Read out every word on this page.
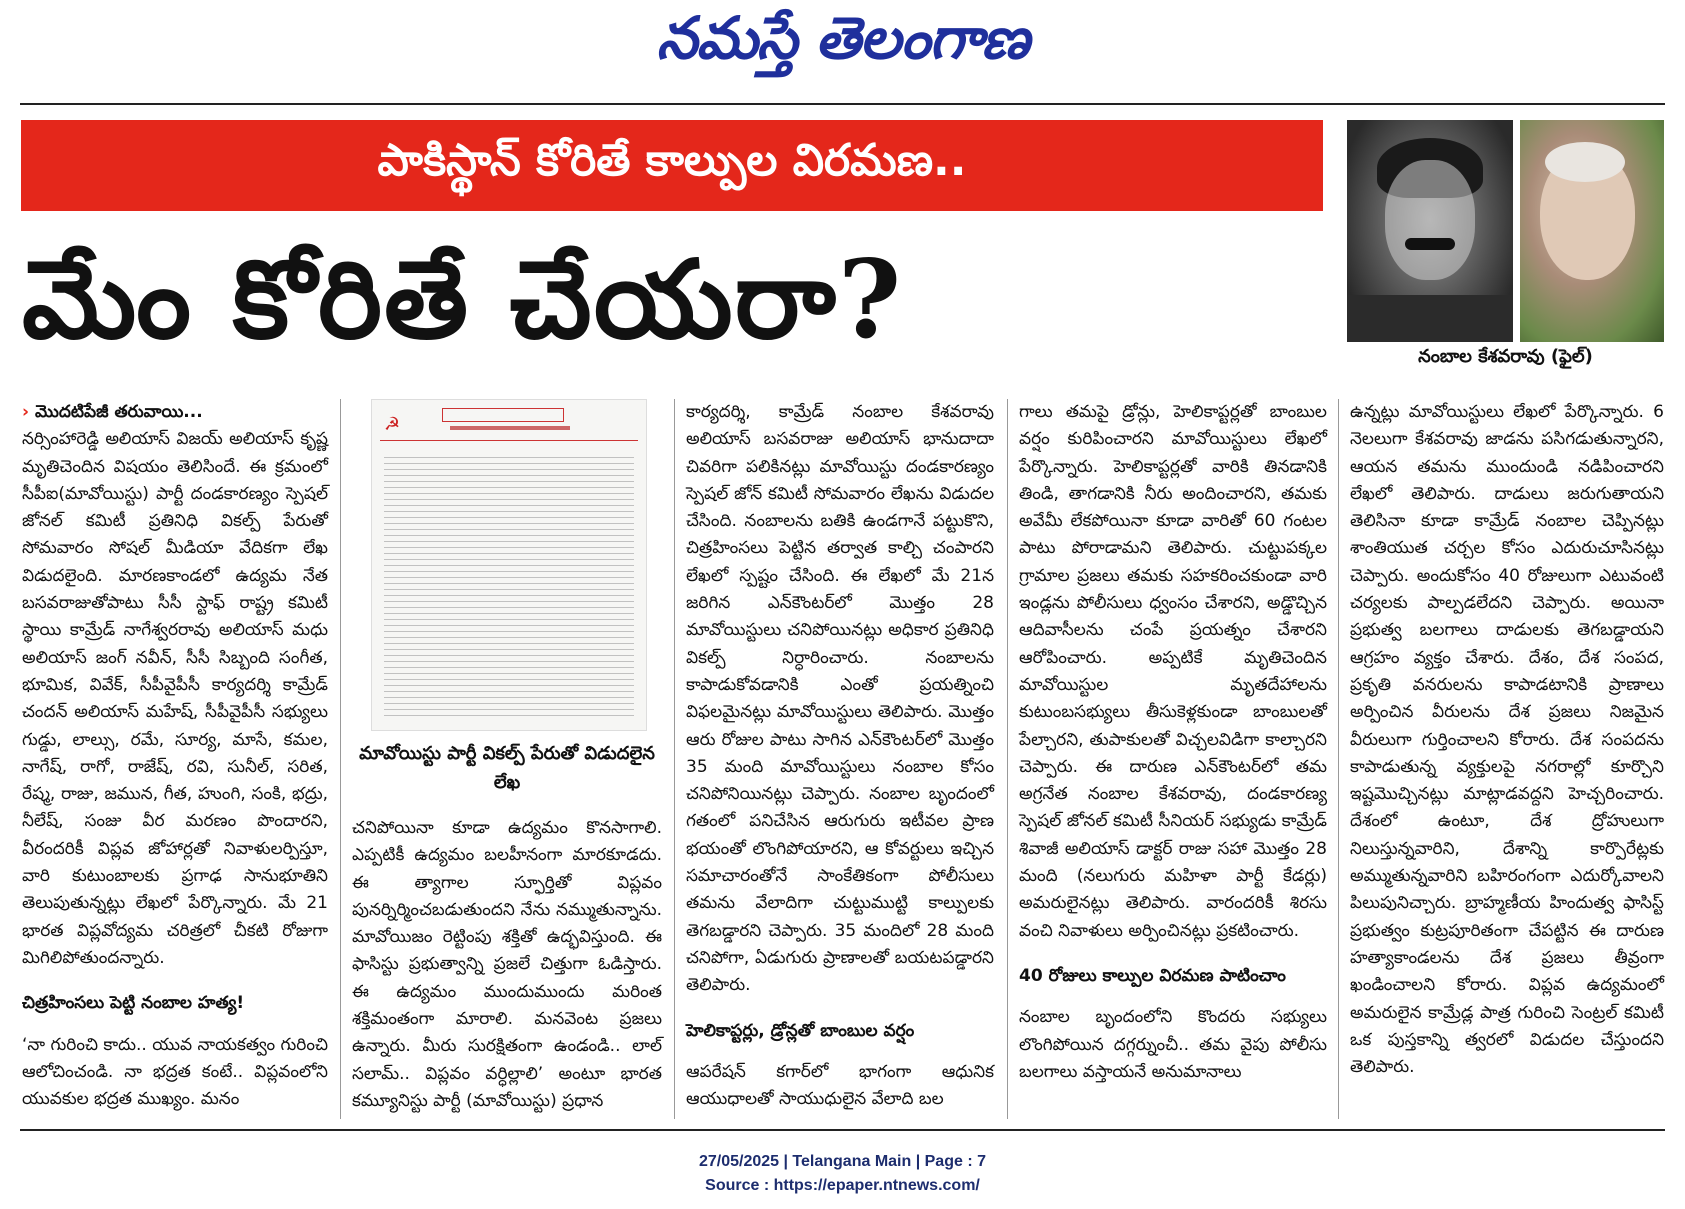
నమస్తే తెలంగాణ
పాకిస్థాన్ కోరితే కాల్పుల విరమణ..
మేం కోరితే చేయరా?	నంబాల కేశవరావు (ఫైల్)

› మొదటిపేజీ తరువాయి...

నర్సింహారెడ్డి అలియాస్ విజయ్ అలియాస్ కృష్ణ మృతిచెందిన విషయం తెలిసిందే. ఈ క్రమంలో సీపీఐ(మావోయిస్టు) పార్టీ దండకారణ్యం స్పెషల్ జోనల్ కమిటీ ప్రతినిధి వికల్ప్ పేరుతో సోమవారం సోషల్ మీడియా వేదికగా లేఖ విడుదలైంది. మారణకాండలో ఉద్యమ నేత బసవరాజుతోపాటు సీసీ స్టాఫ్ రాష్ట్ర కమిటీ స్థాయి కామ్రేడ్ నాగేశ్వరరావు అలియాస్ మధు అలియాస్ జంగ్ నవీన్, సీసీ సిబ్బంది సంగీత, భూమిక, వివేక్, సీపీవైపీసీ కార్యదర్శి కామ్రేడ్ చందన్ అలియాస్ మహేష్, సీపీవైపీసీ సభ్యులు గుడ్డు, లాల్సు, రమే, సూర్య, మాసే, కమల, నాగేష్, రాగో, రాజేష్, రవి, సునీల్, సరిత, రేష్మ, రాజు, జమున, గీత, హుంగి, సంకి, భద్రు, నీలేష్, సంజు వీర మరణం పొందారని, వీరందరికీ విప్లవ జోహార్లతో నివాళులర్పిస్తూ, వారి కుటుంబాలకు ప్రగాఢ సానుభూతిని తెలుపుతున్నట్లు లేఖలో పేర్కొన్నారు. మే 21 భారత విప్లవోద్యమ చరిత్రలో చీకటి రోజుగా మిగిలిపోతుందన్నారు.

చిత్రహింసలు పెట్టి నంబాల హత్య!

‘నా గురించి కాదు.. యువ నాయకత్వం గురించి ఆలోచించండి. నా భద్రత కంటే.. విప్లవంలోని యువకుల భద్రత ముఖ్యం. మనం

☭
మావోయిస్టు పార్టీ వికల్ప్ పేరుతో విడుదలైన లేఖ

చనిపోయినా కూడా ఉద్యమం కొనసాగాలి. ఎప్పటికీ ఉద్యమం బలహీనంగా మారకూడదు. ఈ త్యాగాల స్ఫూర్తితో విప్లవం పునర్నిర్మించబడుతుందని నేను నమ్ముతున్నాను. మావోయిజం రెట్టింపు శక్తితో ఉద్భవిస్తుంది. ఈ ఫాసిస్టు ప్రభుత్వాన్ని ప్రజలే చిత్తుగా ఓడిస్తారు. ఈ ఉద్యమం ముందుముందు మరింత శక్తిమంతంగా మారాలి. మనవెంట ప్రజలు ఉన్నారు. మీరు సురక్షితంగా ఉండండి.. లాల్ సలామ్.. విప్లవం వర్ధిల్లాలి’ అంటూ భారత కమ్యూనిస్టు పార్టీ (మావోయిస్టు) ప్రధాన

కార్యదర్శి, కామ్రేడ్ నంబాల కేశవరావు అలియాస్ బసవరాజు అలియాస్ భానుదాదా చివరిగా పలికినట్లు మావోయిస్టు దండకారణ్యం స్పెషల్ జోన్ కమిటీ సోమవారం లేఖను విడుదల చేసింది. నంబాలను బతికి ఉండగానే పట్టుకొని, చిత్రహింసలు పెట్టిన తర్వాత కాల్చి చంపారని లేఖలో స్పష్టం చేసింది. ఈ లేఖలో మే 21న జరిగిన ఎన్‌కౌంటర్‌లో మొత్తం 28 మావోయిస్టులు చనిపోయినట్లు అధికార ప్రతినిధి వికల్ప్ నిర్ధారించారు. నంబాలను కాపాడుకోవడానికి ఎంతో ప్రయత్నించి విఫలమైనట్లు మావోయిస్టులు తెలిపారు. మొత్తం ఆరు రోజుల పాటు సాగిన ఎన్‌కౌంటర్‌లో మొత్తం 35 మంది మావోయిస్టులు నంబాల కోసం చనిపోనియినట్లు చెప్పారు. నంబాల బృందంలో గతంలో పనిచేసిన ఆరుగురు ఇటీవల ప్రాణ భయంతో లొంగిపోయారని, ఆ కోవర్టులు ఇచ్చిన సమాచారంతోనే సాంకేతికంగా పోలీసులు తమను వేలాదిగా చుట్టుముట్టి కాల్పులకు తెగబడ్డారని చెప్పారు. 35 మందిలో 28 మంది చనిపోగా, ఏడుగురు ప్రాణాలతో బయటపడ్డారని తెలిపారు.

హెలికాప్టర్లు, డ్రోన్లతో బాంబుల వర్షం

ఆపరేషన్ కగార్‌లో భాగంగా ఆధునిక ఆయుధాలతో సాయుధులైన వేలాది బల

గాలు తమపై డ్రోన్లు, హెలికాప్టర్లతో బాంబుల వర్షం కురిపించారని మావోయిస్టులు లేఖలో పేర్కొన్నారు. హెలికాప్టర్లతో వారికి తినడానికి తిండి, తాగడానికి నీరు అందించారని, తమకు అవేమీ లేకపోయినా కూడా వారితో 60 గంటల పాటు పోరాడామని తెలిపారు. చుట్టుపక్కల గ్రామాల ప్రజలు తమకు సహకరించకుండా వారి ఇండ్లను పోలీసులు ధ్వంసం చేశారని, అడ్డొచ్చిన ఆదివాసీలను చంపే ప్రయత్నం చేశారని ఆరోపించారు. అప్పటికే మృతిచెందిన మావోయిస్టుల మృతదేహాలను కుటుంబసభ్యులు తీసుకెళ్లకుండా బాంబులతో పేల్చారని, తుపాకులతో విచ్చలవిడిగా కాల్చారని చెప్పారు. ఈ దారుణ ఎన్‌కౌంటర్‌లో తమ అగ్రనేత నంబాల కేశవరావు, దండకారణ్య స్పెషల్ జోనల్ కమిటీ సీనియర్ సభ్యుడు కామ్రేడ్ శివాజీ అలియాస్ డాక్టర్ రాజు సహా మొత్తం 28 మంది (నలుగురు మహిళా పార్టీ కేడర్లు) అమరులైనట్లు తెలిపారు. వారందరికీ శిరసు వంచి నివాళులు అర్పించినట్లు ప్రకటించారు.

40 రోజులు కాల్పుల విరమణ పాటించాం

నంబాల బృందంలోని కొందరు సభ్యులు లొంగిపోయిన దగ్గర్నుంచీ.. తమ వైపు పోలీసు బలగాలు వస్తాయనే అనుమానాలు

ఉన్నట్లు మావోయిస్టులు లేఖలో పేర్కొన్నారు. 6 నెలలుగా కేశవరావు జాడను పసిగడుతున్నారని, ఆయన తమను ముందుండి నడిపించారని లేఖలో తెలిపారు. దాడులు జరుగుతాయని తెలిసినా కూడా కామ్రేడ్ నంబాల చెప్పినట్లు శాంతియుత చర్చల కోసం ఎదురుచూసినట్లు చెప్పారు. అందుకోసం 40 రోజులుగా ఎటువంటి చర్యలకు పాల్పడలేదని చెప్పారు. అయినా ప్రభుత్వ బలగాలు దాడులకు తెగబడ్డాయని ఆగ్రహం వ్యక్తం చేశారు. దేశం, దేశ సంపద, ప్రకృతి వనరులను కాపాడటానికి ప్రాణాలు అర్పించిన వీరులను దేశ ప్రజలు నిజమైన వీరులుగా గుర్తించాలని కోరారు. దేశ సంపదను కాపాడుతున్న వ్యక్తులపై నగరాల్లో కూర్చొని ఇష్టమొచ్చినట్లు మాట్లాడవద్దని హెచ్చరించారు. దేశంలో ఉంటూ, దేశ ద్రోహులుగా నిలుస్తున్నవారిని, దేశాన్ని కార్పొరేట్లకు అమ్ముతున్నవారిని బహిరంగంగా ఎదుర్కోవాలని పిలుపునిచ్చారు. బ్రాహ్మణీయ హిందుత్వ ఫాసిస్ట్ ప్రభుత్వం కుట్రపూరితంగా చేపట్టిన ఈ దారుణ హత్యాకాండలను దేశ ప్రజలు తీవ్రంగా ఖండించాలని కోరారు. విప్లవ ఉద్యమంలో అమరులైన కామ్రేడ్ల పాత్ర గురించి సెంట్రల్ కమిటీ ఒక పుస్తకాన్ని త్వరలో విడుదల చేస్తుందని తెలిపారు.

27/05/2025 | Telangana Main | Page : 7
Source : https://epaper.ntnews.com/
